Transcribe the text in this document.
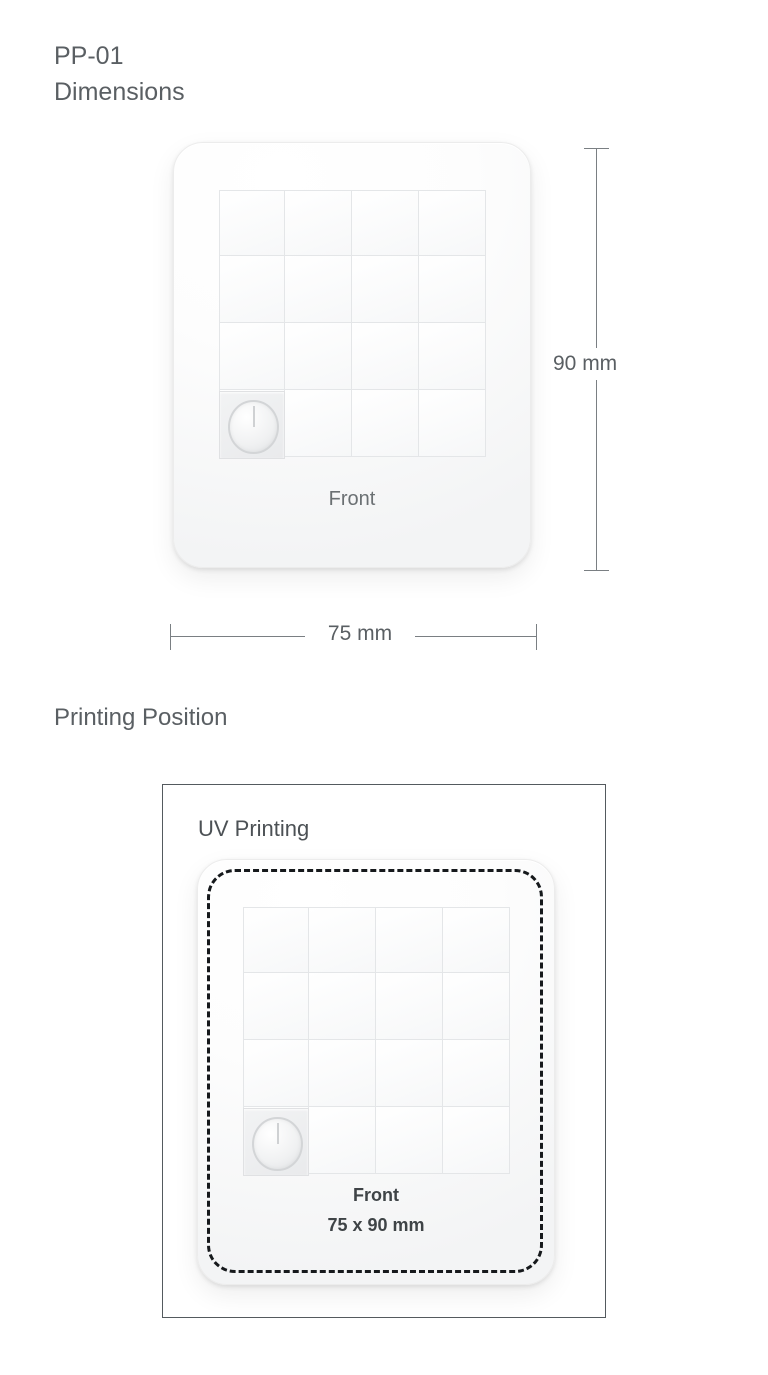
PP-01
Dimensions
Front
90 mm
75 mm
Printing Position
UV Printing
Front
75 x 90 mm
